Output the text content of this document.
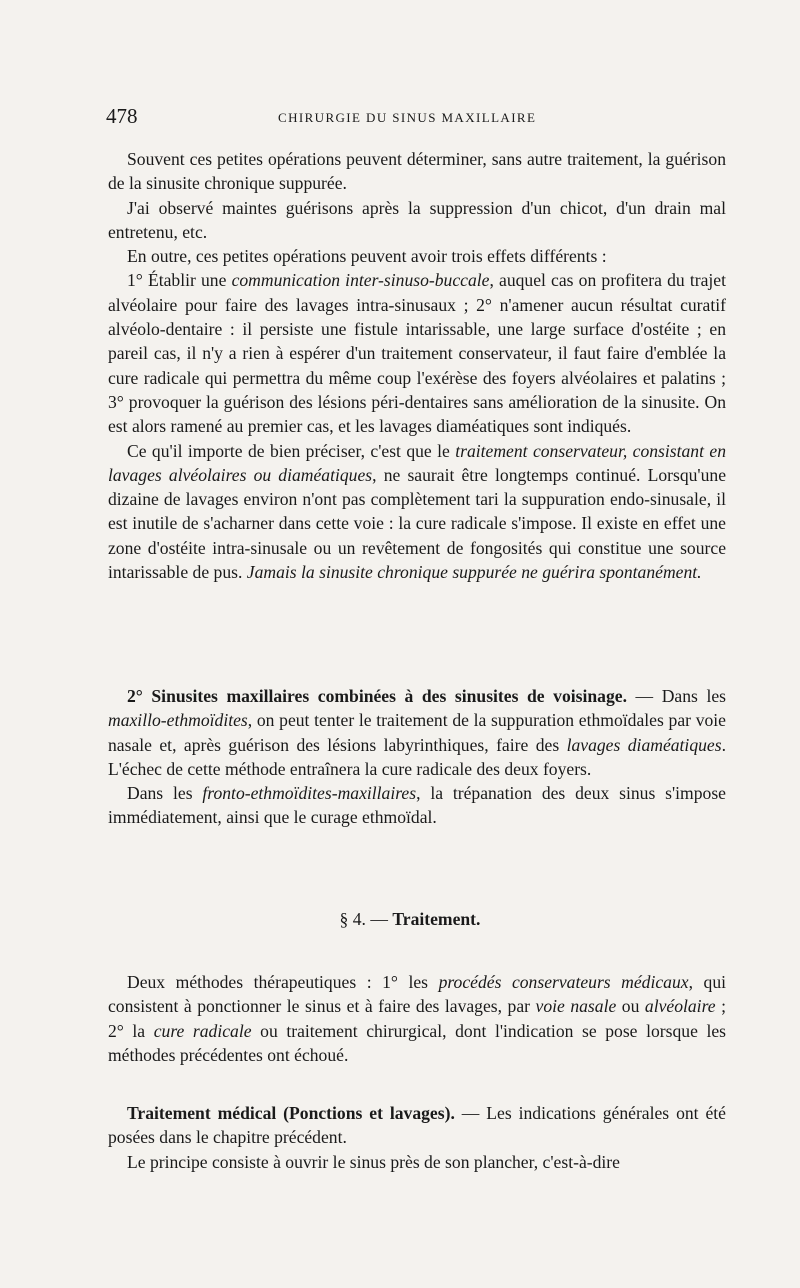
478	CHIRURGIE DU SINUS MAXILLAIRE

Souvent ces petites opérations peuvent déterminer, sans autre traitement, la guérison de la sinusite chronique suppurée.

J'ai observé maintes guérisons après la suppression d'un chicot, d'un drain mal entretenu, etc.

En outre, ces petites opérations peuvent avoir trois effets différents :

1° Établir une communication inter-sinuso-buccale, auquel cas on profitera du trajet alvéolaire pour faire des lavages intra-sinusaux ; 2° n'amener aucun résultat curatif alvéolo-dentaire : il persiste une fistule intarissable, une large surface d'ostéite ; en pareil cas, il n'y a rien à espérer d'un traitement conservateur, il faut faire d'emblée la cure radicale qui permettra du même coup l'exérèse des foyers alvéolaires et palatins ; 3° provoquer la guérison des lésions péri-dentaires sans amélioration de la sinusite. On est alors ramené au premier cas, et les lavages diaméatiques sont indiqués.

Ce qu'il importe de bien préciser, c'est que le traitement conservateur, consistant en lavages alvéolaires ou diaméatiques, ne saurait être longtemps continué. Lorsqu'une dizaine de lavages environ n'ont pas complètement tari la suppuration endo-sinusale, il est inutile de s'acharner dans cette voie : la cure radicale s'impose. Il existe en effet une zone d'ostéite intra-sinusale ou un revêtement de fongosités qui constitue une source intarissable de pus. Jamais la sinusite chronique suppurée ne guérira spontanément.

2° Sinusites maxillaires combinées à des sinusites de voisinage. — Dans les maxillo-ethmoïdites, on peut tenter le traitement de la suppuration ethmoïdales par voie nasale et, après guérison des lésions labyrinthiques, faire des lavages diaméatiques. L'échec de cette méthode entraînera la cure radicale des deux foyers.

Dans les fronto-ethmoïdites-maxillaires, la trépanation des deux sinus s'impose immédiatement, ainsi que le curage ethmoïdal.

§ 4. — Traitement.

Deux méthodes thérapeutiques : 1° les procédés conservateurs médicaux, qui consistent à ponctionner le sinus et à faire des lavages, par voie nasale ou alvéolaire ; 2° la cure radicale ou traitement chirurgical, dont l'indication se pose lorsque les méthodes précédentes ont échoué.

Traitement médical (Ponctions et lavages). — Les indications générales ont été posées dans le chapitre précédent.

Le principe consiste à ouvrir le sinus près de son plancher, c'est-à-dire
